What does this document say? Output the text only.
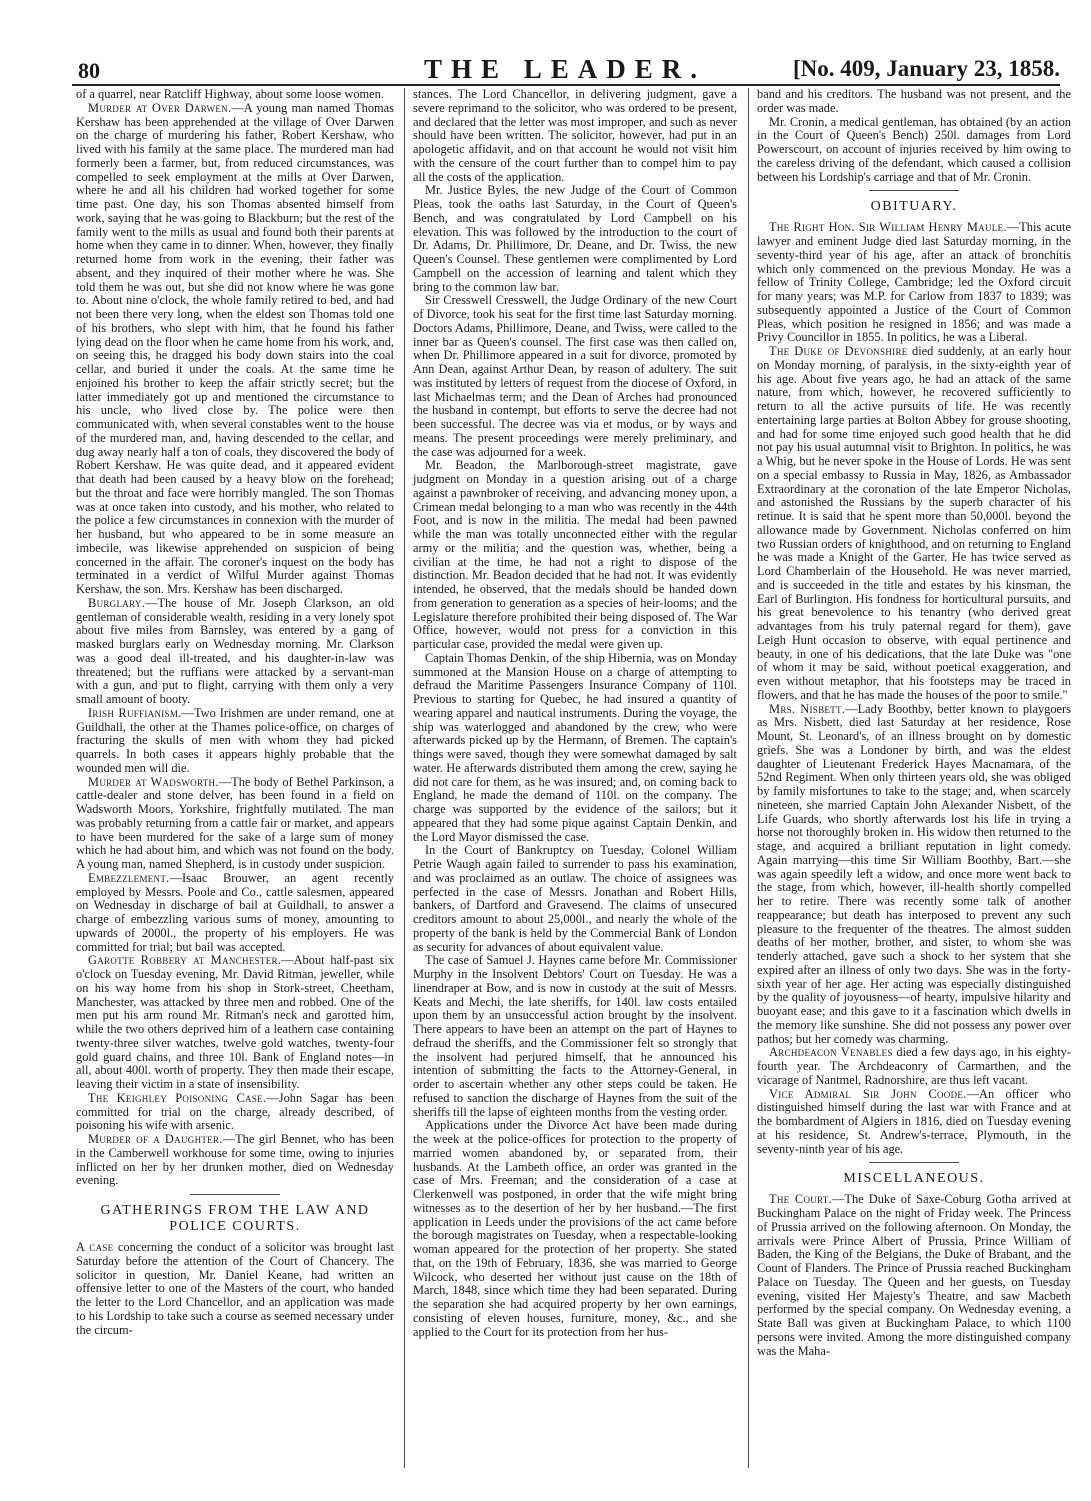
80	THE LEADER.	[No. 409, January 23, 1858.

of a quarrel, near Ratcliff Highway, about some loose women.

Murder at Over Darwen.—A young man named Thomas Kershaw has been apprehended at the village of Over Darwen on the charge of murdering his father, Robert Kershaw, who lived with his family at the same place. The murdered man had formerly been a farmer, but, from reduced circumstances, was compelled to seek employment at the mills at Over Darwen, where he and all his children had worked together for some time past. One day, his son Thomas absented himself from work, saying that he was going to Blackburn; but the rest of the family went to the mills as usual and found both their parents at home when they came in to dinner. When, however, they finally returned home from work in the evening, their father was absent, and they inquired of their mother where he was. She told them he was out, but she did not know where he was gone to. About nine o'clock, the whole family retired to bed, and had not been there very long, when the eldest son Thomas told one of his brothers, who slept with him, that he found his father lying dead on the floor when he came home from his work, and, on seeing this, he dragged his body down stairs into the coal cellar, and buried it under the coals. At the same time he enjoined his brother to keep the affair strictly secret; but the latter immediately got up and mentioned the circumstance to his uncle, who lived close by. The police were then communicated with, when several constables went to the house of the murdered man, and, having descended to the cellar, and dug away nearly half a ton of coals, they discovered the body of Robert Kershaw. He was quite dead, and it appeared evident that death had been caused by a heavy blow on the forehead; but the throat and face were horribly mangled. The son Thomas was at once taken into custody, and his mother, who related to the police a few circumstances in connexion with the murder of her husband, but who appeared to be in some measure an imbecile, was likewise apprehended on suspicion of being concerned in the affair. The coroner's inquest on the body has terminated in a verdict of Wilful Murder against Thomas Kershaw, the son. Mrs. Kershaw has been discharged.

Burglary.—The house of Mr. Joseph Clarkson, an old gentleman of considerable wealth, residing in a very lonely spot about five miles from Barnsley, was entered by a gang of masked burglars early on Wednesday morning. Mr. Clarkson was a good deal ill-treated, and his daughter-in-law was threatened; but the ruffians were attacked by a servant-man with a gun, and put to flight, carrying with them only a very small amount of booty.

Irish Ruffianism.—Two Irishmen are under remand, one at Guildhall, the other at the Thames police-office, on charges of fracturing the skulls of men with whom they had picked quarrels. In both cases it appears highly probable that the wounded men will die.

Murder at Wadsworth.—The body of Bethel Parkinson, a cattle-dealer and stone delver, has been found in a field on Wadsworth Moors, Yorkshire, frightfully mutilated. The man was probably returning from a cattle fair or market, and appears to have been murdered for the sake of a large sum of money which he had about him, and which was not found on the body. A young man, named Shepherd, is in custody under suspicion.

Embezzlement.—Isaac Brouwer, an agent recently employed by Messrs. Poole and Co., cattle salesmen, appeared on Wednesday in discharge of bail at Guildhall, to answer a charge of embezzling various sums of money, amounting to upwards of 2000l., the property of his employers. He was committed for trial; but bail was accepted.

Garotte Robbery at Manchester.—About half-past six o'clock on Tuesday evening, Mr. David Ritman, jeweller, while on his way home from his shop in Stork-street, Cheetham, Manchester, was attacked by three men and robbed. One of the men put his arm round Mr. Ritman's neck and garotted him, while the two others deprived him of a leathern case containing twenty-three silver watches, twelve gold watches, twenty-four gold guard chains, and three 10l. Bank of England notes—in all, about 400l. worth of property. They then made their escape, leaving their victim in a state of insensibility.

The Keighley Poisoning Case.—John Sagar has been committed for trial on the charge, already described, of poisoning his wife with arsenic.

Murder of a Daughter.—The girl Bennet, who has been in the Camberwell workhouse for some time, owing to injuries inflicted on her by her drunken mother, died on Wednesday evening.

GATHERINGS FROM THE LAW AND POLICE COURTS.

A case concerning the conduct of a solicitor was brought last Saturday before the attention of the Court of Chancery. The solicitor in question, Mr. Daniel Keane, had written an offensive letter to one of the Masters of the court, who handed the letter to the Lord Chancellor, and an application was made to his Lordship to take such a course as seemed necessary under the circum-

stances. The Lord Chancellor, in delivering judgment, gave a severe reprimand to the solicitor, who was ordered to be present, and declared that the letter was most improper, and such as never should have been written. The solicitor, however, had put in an apologetic affidavit, and on that account he would not visit him with the censure of the court further than to compel him to pay all the costs of the application.

Mr. Justice Byles, the new Judge of the Court of Common Pleas, took the oaths last Saturday, in the Court of Queen's Bench, and was congratulated by Lord Campbell on his elevation. This was followed by the introduction to the court of Dr. Adams, Dr. Phillimore, Dr. Deane, and Dr. Twiss, the new Queen's Counsel. These gentlemen were complimented by Lord Campbell on the accession of learning and talent which they bring to the common law bar.

Sir Cresswell Cresswell, the Judge Ordinary of the new Court of Divorce, took his seat for the first time last Saturday morning. Doctors Adams, Phillimore, Deane, and Twiss, were called to the inner bar as Queen's counsel. The first case was then called on, when Dr. Phillimore appeared in a suit for divorce, promoted by Ann Dean, against Arthur Dean, by reason of adultery. The suit was instituted by letters of request from the diocese of Oxford, in last Michaelmas term; and the Dean of Arches had pronounced the husband in contempt, but efforts to serve the decree had not been successful. The decree was via et modus, or by ways and means. The present proceedings were merely preliminary, and the case was adjourned for a week.

Mr. Beadon, the Marlborough-street magistrate, gave judgment on Monday in a question arising out of a charge against a pawnbroker of receiving, and advancing money upon, a Crimean medal belonging to a man who was recently in the 44th Foot, and is now in the militia. The medal had been pawned while the man was totally unconnected either with the regular army or the militia; and the question was, whether, being a civilian at the time, he had not a right to dispose of the distinction. Mr. Beadon decided that he had not. It was evidently intended, he observed, that the medals should be handed down from generation to generation as a species of heir-looms; and the Legislature therefore prohibited their being disposed of. The War Office, however, would not press for a conviction in this particular case, provided the medal were given up.

Captain Thomas Denkin, of the ship Hibernia, was on Monday summoned at the Mansion House on a charge of attempting to defraud the Maritime Passengers Insurance Company of 110l. Previous to starting for Quebec, he had insured a quantity of wearing apparel and nautical instruments. During the voyage, the ship was waterlogged and abandoned by the crew, who were afterwards picked up by the Hermann, of Bremen. The captain's things were saved, though they were somewhat damaged by salt water. He afterwards distributed them among the crew, saying he did not care for them, as he was insured; and, on coming back to England, he made the demand of 110l. on the company. The charge was supported by the evidence of the sailors; but it appeared that they had some pique against Captain Denkin, and the Lord Mayor dismissed the case.

In the Court of Bankruptcy on Tuesday, Colonel William Petrie Waugh again failed to surrender to pass his examination, and was proclaimed as an outlaw. The choice of assignees was perfected in the case of Messrs. Jonathan and Robert Hills, bankers, of Dartford and Gravesend. The claims of unsecured creditors amount to about 25,000l., and nearly the whole of the property of the bank is held by the Commercial Bank of London as security for advances of about equivalent value.

The case of Samuel J. Haynes came before Mr. Commissioner Murphy in the Insolvent Debtors' Court on Tuesday. He was a linendraper at Bow, and is now in custody at the suit of Messrs. Keats and Mechi, the late sheriffs, for 140l. law costs entailed upon them by an unsuccessful action brought by the insolvent. There appears to have been an attempt on the part of Haynes to defraud the sheriffs, and the Commissioner felt so strongly that the insolvent had perjured himself, that he announced his intention of submitting the facts to the Attorney-General, in order to ascertain whether any other steps could be taken. He refused to sanction the discharge of Haynes from the suit of the sheriffs till the lapse of eighteen months from the vesting order.

Applications under the Divorce Act have been made during the week at the police-offices for protection to the property of married women abandoned by, or separated from, their husbands. At the Lambeth office, an order was granted in the case of Mrs. Freeman; and the consideration of a case at Clerkenwell was postponed, in order that the wife might bring witnesses as to the desertion of her by her husband.—The first application in Leeds under the provisions of the act came before the borough magistrates on Tuesday, when a respectable-looking woman appeared for the protection of her property. She stated that, on the 19th of February, 1836, she was married to George Wilcock, who deserted her without just cause on the 18th of March, 1848, since which time they had been separated. During the separation she had acquired property by her own earnings, consisting of eleven houses, furniture, money, &c., and she applied to the Court for its protection from her hus-

band and his creditors. The husband was not present, and the order was made.

Mr. Cronin, a medical gentleman, has obtained (by an action in the Court of Queen's Bench) 250l. damages from Lord Powerscourt, on account of injuries received by him owing to the careless driving of the defendant, which caused a collision between his Lordship's carriage and that of Mr. Cronin.

OBITUARY.

The Right Hon. Sir William Henry Maule.—This acute lawyer and eminent Judge died last Saturday morning, in the seventy-third year of his age, after an attack of bronchitis which only commenced on the previous Monday. He was a fellow of Trinity College, Cambridge; led the Oxford circuit for many years; was M.P. for Carlow from 1837 to 1839; was subsequently appointed a Justice of the Court of Common Pleas, which position he resigned in 1856; and was made a Privy Councillor in 1855. In politics, he was a Liberal.

The Duke of Devonshire died suddenly, at an early hour on Monday morning, of paralysis, in the sixty-eighth year of his age. About five years ago, he had an attack of the same nature, from which, however, he recovered sufficiently to return to all the active pursuits of life. He was recently entertaining large parties at Bolton Abbey for grouse shooting, and had for some time enjoyed such good health that he did not pay his usual autumnal visit to Brighton. In politics, he was a Whig, but he never spoke in the House of Lords. He was sent on a special embassy to Russia in May, 1826, as Ambassador Extraordinary at the coronation of the late Emperor Nicholas, and astonished the Russians by the superb character of his retinue. It is said that he spent more than 50,000l. beyond the allowance made by Government. Nicholas conferred on him two Russian orders of knighthood, and on returning to England he was made a Knight of the Garter. He has twice served as Lord Chamberlain of the Household. He was never married, and is succeeded in the title and estates by his kinsman, the Earl of Burlington. His fondness for horticultural pursuits, and his great benevolence to his tenantry (who derived great advantages from his truly paternal regard for them), gave Leigh Hunt occasion to observe, with equal pertinence and beauty, in one of his dedications, that the late Duke was "one of whom it may be said, without poetical exaggeration, and even without metaphor, that his footsteps may be traced in flowers, and that he has made the houses of the poor to smile."

Mrs. Nisbett.—Lady Boothby, better known to playgoers as Mrs. Nisbett, died last Saturday at her residence, Rose Mount, St. Leonard's, of an illness brought on by domestic griefs. She was a Londoner by birth, and was the eldest daughter of Lieutenant Frederick Hayes Macnamara, of the 52nd Regiment. When only thirteen years old, she was obliged by family misfortunes to take to the stage; and, when scarcely nineteen, she married Captain John Alexander Nisbett, of the Life Guards, who shortly afterwards lost his life in trying a horse not thoroughly broken in. His widow then returned to the stage, and acquired a brilliant reputation in light comedy. Again marrying—this time Sir William Boothby, Bart.—she was again speedily left a widow, and once more went back to the stage, from which, however, ill-health shortly compelled her to retire. There was recently some talk of another reappearance; but death has interposed to prevent any such pleasure to the frequenter of the theatres. The almost sudden deaths of her mother, brother, and sister, to whom she was tenderly attached, gave such a shock to her system that she expired after an illness of only two days. She was in the forty-sixth year of her age. Her acting was especially distinguished by the quality of joyousness—of hearty, impulsive hilarity and buoyant ease; and this gave to it a fascination which dwells in the memory like sunshine. She did not possess any power over pathos; but her comedy was charming.

Archdeacon Venables died a few days ago, in his eighty-fourth year. The Archdeaconry of Carmarthen, and the vicarage of Nantmel, Radnorshire, are thus left vacant.

Vice Admiral Sir John Coode.—An officer who distinguished himself during the last war with France and at the bombardment of Algiers in 1816, died on Tuesday evening at his residence, St. Andrew's-terrace, Plymouth, in the seventy-ninth year of his age.

MISCELLANEOUS.

The Court.—The Duke of Saxe-Coburg Gotha arrived at Buckingham Palace on the night of Friday week. The Princess of Prussia arrived on the following afternoon. On Monday, the arrivals were Prince Albert of Prussia, Prince William of Baden, the King of the Belgians, the Duke of Brabant, and the Count of Flanders. The Prince of Prussia reached Buckingham Palace on Tuesday. The Queen and her guests, on Tuesday evening, visited Her Majesty's Theatre, and saw Macbeth performed by the special company. On Wednesday evening, a State Ball was given at Buckingham Palace, to which 1100 persons were invited. Among the more distinguished company was the Maha-
